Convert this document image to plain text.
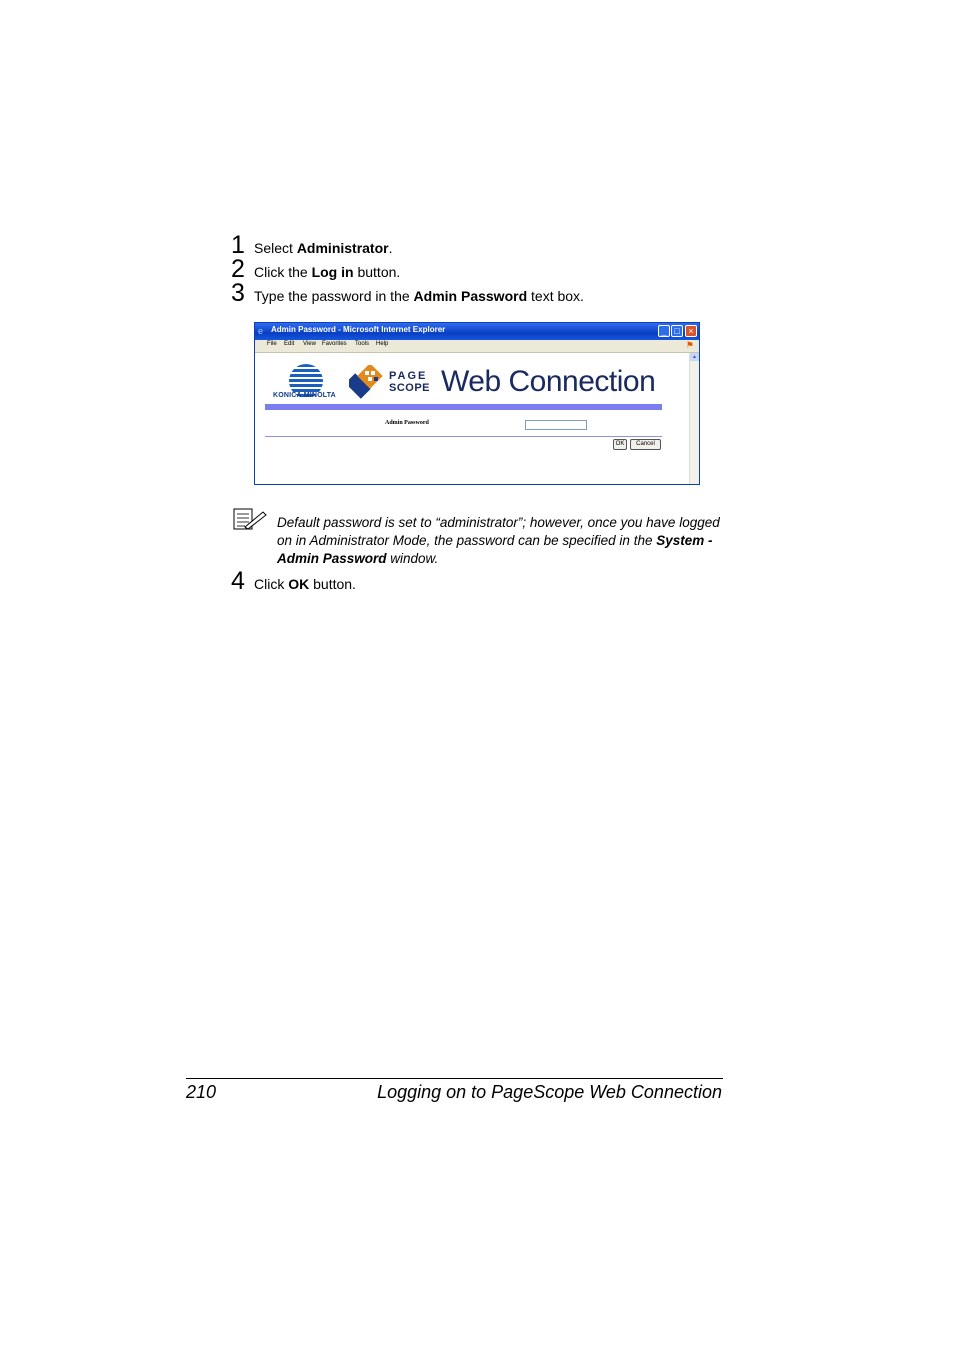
1 Select Administrator.
2 Click the Log in button.
3 Type the password in the Admin Password text box.
e Admin Password - Microsoft Internet Explorer	_ □ ×
File Edit View Favorites Tools Help	⚑
▲
KONICA MINOLTA
PAGE
SCOPE Web Connection
Admin Password
OK	Cancel
Default password is set to “administrator”; however, once you have logged on in Administrator Mode, the password can be specified in the System - Admin Password window.
4 Click OK button.
210	Logging on to PageScope Web Connection
